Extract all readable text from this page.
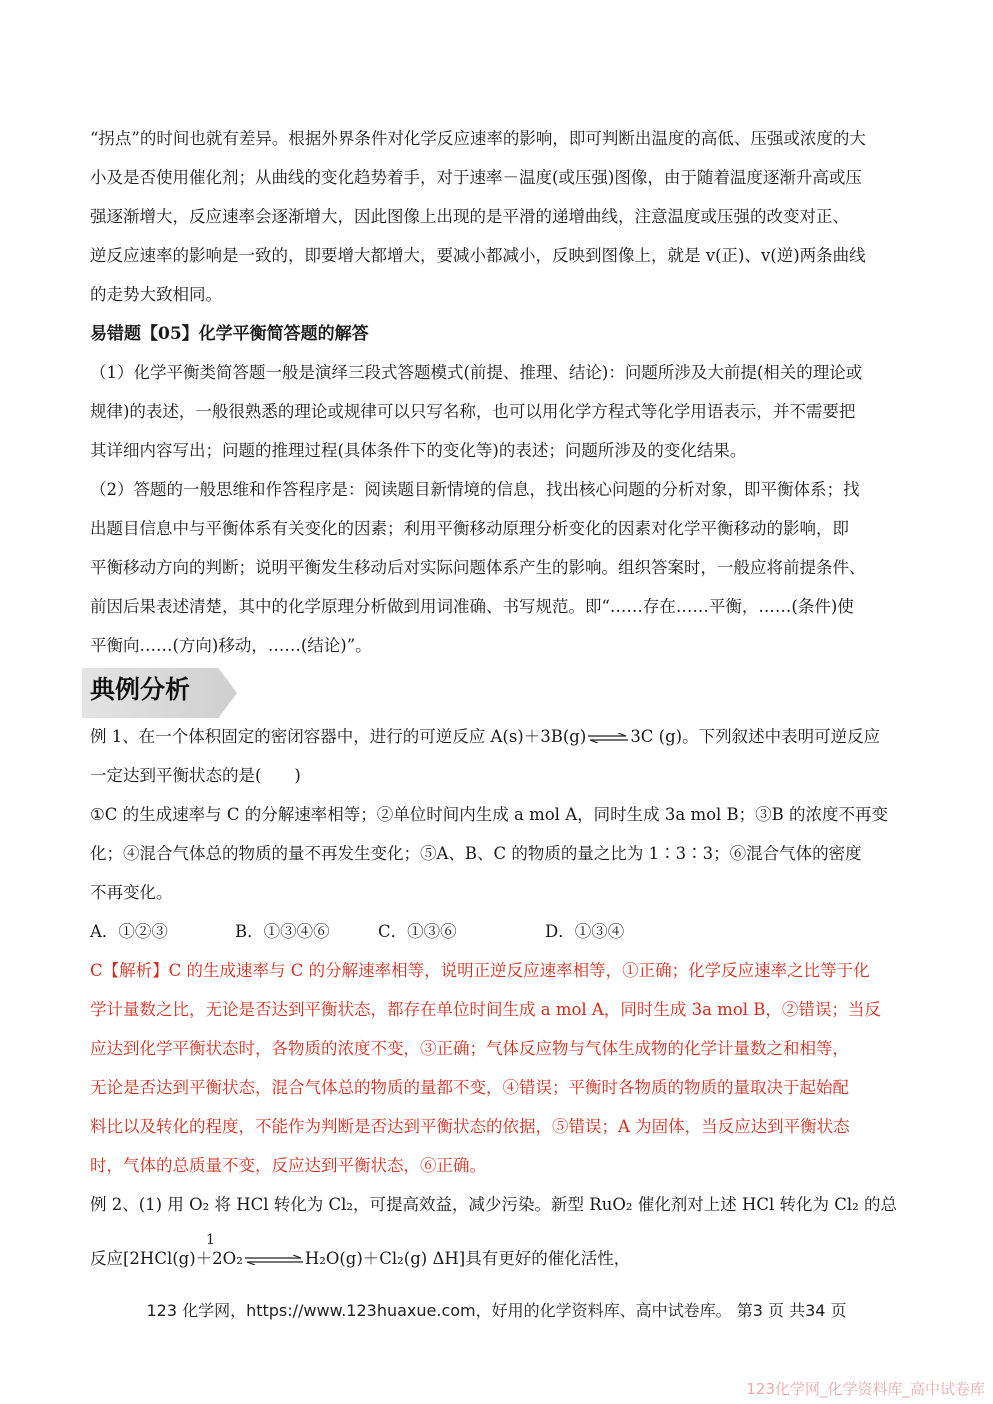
“拐点”的时间也就有差异。根据外界条件对化学反应速率的影响，即可判断出温度的高低、压强或浓度的大
小及是否使用催化剂；从曲线的变化趋势着手，对于速率－温度(或压强)图像，由于随着温度逐渐升高或压
强逐渐增大，反应速率会逐渐增大，因此图像上出现的是平滑的递增曲线，注意温度或压强的改变对正、
逆反应速率的影响是一致的，即要增大都增大，要减小都减小，反映到图像上，就是 v(正)、v(逆)两条曲线
的走势大致相同。
易错题【05】化学平衡简答题的解答
（1）化学平衡类简答题一般是演绎三段式答题模式(前提、推理、结论)：问题所涉及大前提(相关的理论或
规律)的表述，一般很熟悉的理论或规律可以只写名称，也可以用化学方程式等化学用语表示，并不需要把
其详细内容写出；问题的推理过程(具体条件下的变化等)的表述；问题所涉及的变化结果。
（2）答题的一般思维和作答程序是：阅读题目新情境的信息，找出核心问题的分析对象，即平衡体系；找
出题目信息中与平衡体系有关变化的因素；利用平衡移动原理分析变化的因素对化学平衡移动的影响，即
平衡移动方向的判断；说明平衡发生移动后对实际问题体系产生的影响。组织答案时，一般应将前提条件、
前因后果表述清楚，其中的化学原理分析做到用词准确、书写规范。即“……存在……平衡，……(条件)使
平衡向……(方向)移动，……(结论)”。
典例分析
例 1、在一个体积固定的密闭容器中，进行的可逆反应 A(s)＋3B(g) ⇌ 3C (g)。下列叙述中表明可逆反应
一定达到平衡状态的是(　　)
①C 的生成速率与 C 的分解速率相等；②单位时间内生成 a mol A，同时生成 3a mol B；③B 的浓度不再变
化；④混合气体总的物质的量不再发生变化；⑤A、B、C 的物质的量之比为 1∶3∶3；⑥混合气体的密度
不再变化。
A．①②③	B．①③④⑥	C．①③⑥	D．①③④
C【解析】C 的生成速率与 C 的分解速率相等，说明正逆反应速率相等，①正确；化学反应速率之比等于化
学计量数之比，无论是否达到平衡状态，都存在单位时间生成 a mol A，同时生成 3a mol B，②错误；当反
应达到化学平衡状态时，各物质的浓度不变，③正确；气体反应物与气体生成物的化学计量数之和相等，
无论是否达到平衡状态，混合气体总的物质的量都不变，④错误；平衡时各物质的物质的量取决于起始配
料比以及转化的程度，不能作为判断是否达到平衡状态的依据，⑤错误；A 为固体，当反应达到平衡状态
时，气体的总质量不变，反应达到平衡状态，⑥正确。
例 2、(1) 用 O₂ 将 HCl 转化为 Cl₂，可提高效益，减少污染。新型 RuO₂ 催化剂对上述 HCl 转化为 Cl₂ 的总
1
反应[2HCl(g)＋2O₂ ⇌ H₂O(g)＋Cl₂(g) ΔH]具有更好的催化活性，
123 化学网，https://www.123huaxue.com，好用的化学资料库、高中试卷库。 第3 页 共34 页
123化学网_化学资料库_高中试卷库
